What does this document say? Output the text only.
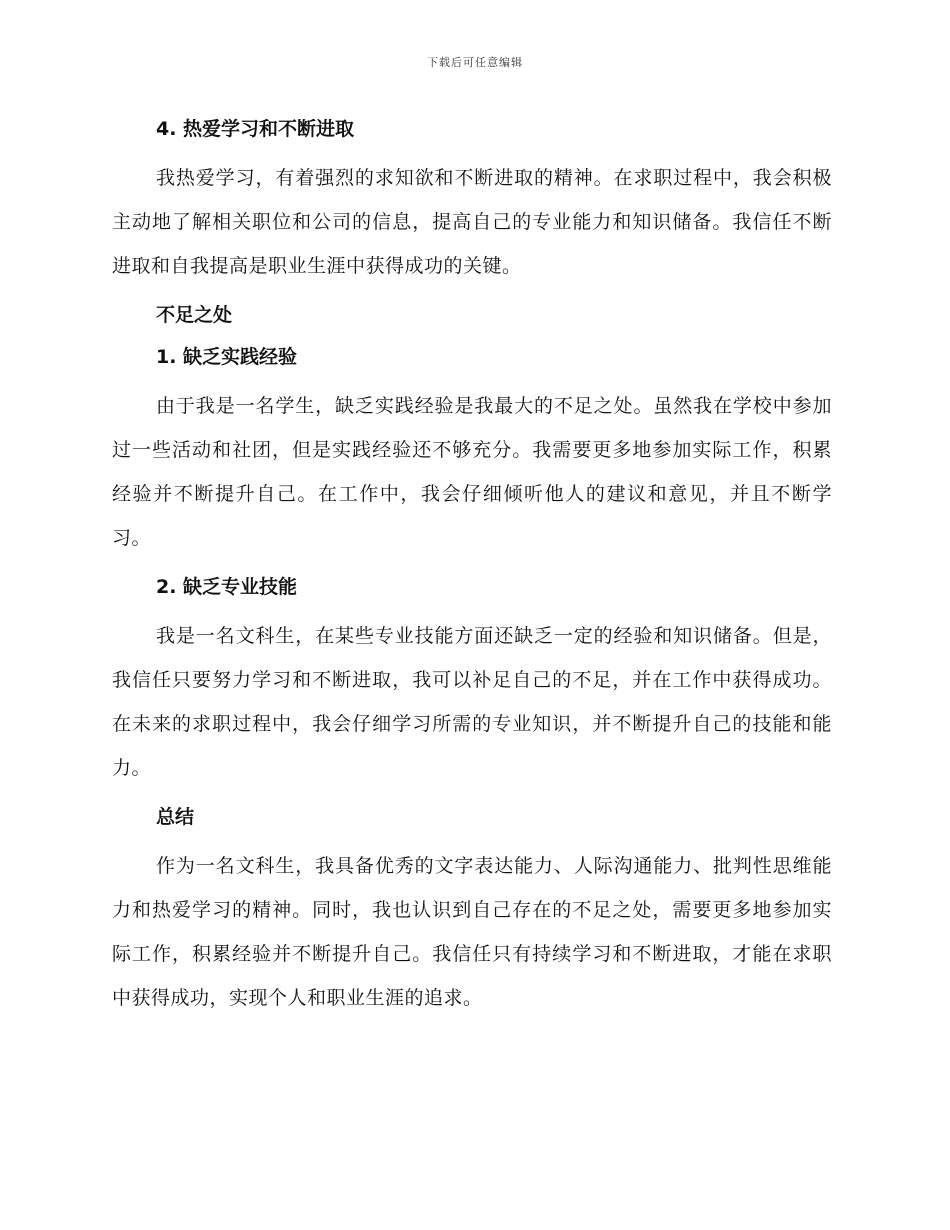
下载后可任意编辑
4. 热爱学习和不断进取

我热爱学习，有着强烈的求知欲和不断进取的精神。在求职过程中，我会积极主动地了解相关职位和公司的信息，提高自己的专业能力和知识储备。我信任不断进取和自我提高是职业生涯中获得成功的关键。

不足之处
1. 缺乏实践经验

由于我是一名学生，缺乏实践经验是我最大的不足之处。虽然我在学校中参加过一些活动和社团，但是实践经验还不够充分。我需要更多地参加实际工作，积累经验并不断提升自己。在工作中，我会仔细倾听他人的建议和意见，并且不断学习。

2. 缺乏专业技能

我是一名文科生，在某些专业技能方面还缺乏一定的经验和知识储备。但是，我信任只要努力学习和不断进取，我可以补足自己的不足，并在工作中获得成功。在未来的求职过程中，我会仔细学习所需的专业知识，并不断提升自己的技能和能力。

总结

作为一名文科生，我具备优秀的文字表达能力、人际沟通能力、批判性思维能力和热爱学习的精神。同时，我也认识到自己存在的不足之处，需要更多地参加实际工作，积累经验并不断提升自己。我信任只有持续学习和不断进取，才能在求职中获得成功，实现个人和职业生涯的追求。
